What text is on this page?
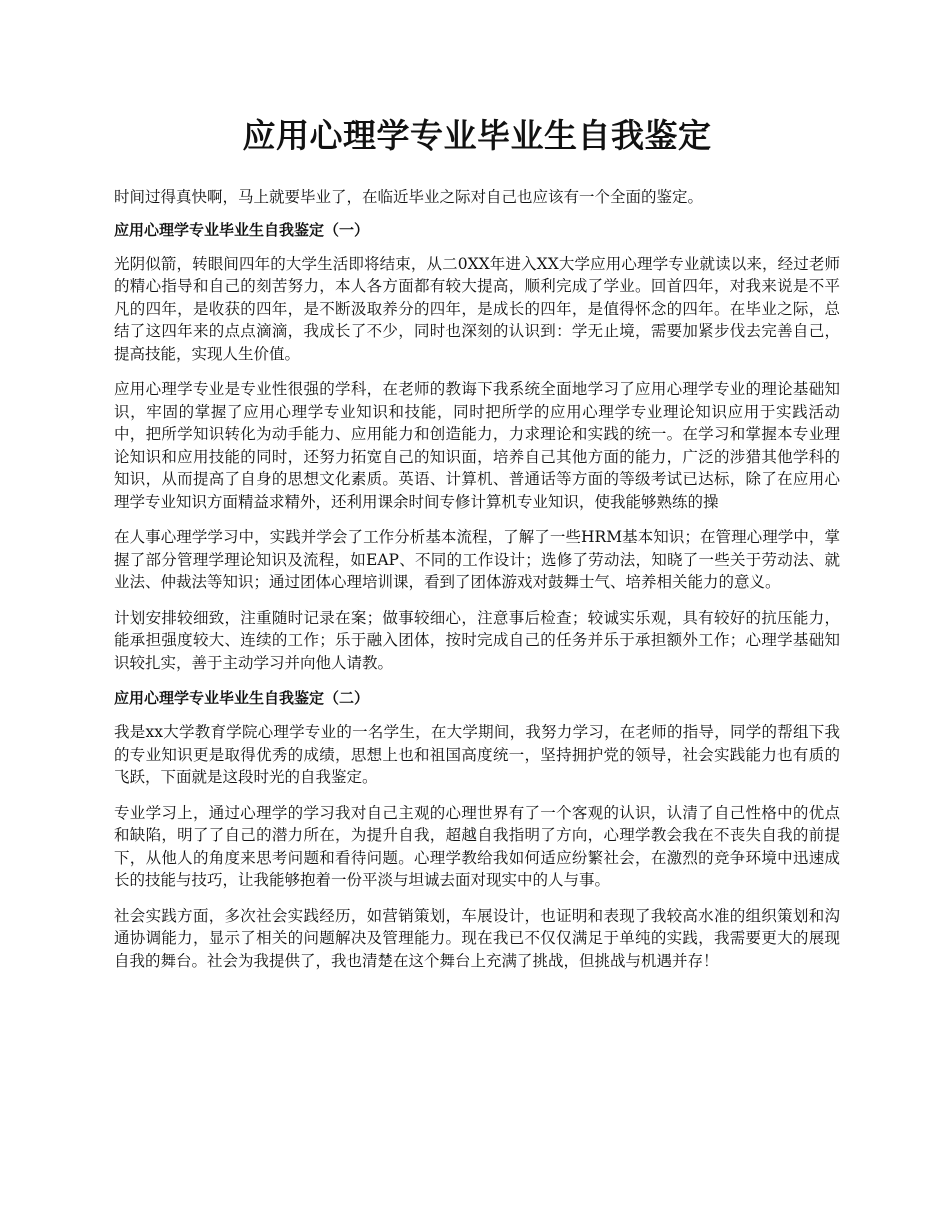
应用心理学专业毕业生自我鉴定

时间过得真快啊，马上就要毕业了，在临近毕业之际对自己也应该有一个全面的鉴定。

应用心理学专业毕业生自我鉴定（一）

光阴似箭，转眼间四年的大学生活即将结束，从二0XX年进入XX大学应用心理学专业就读以来，经过老师的精心指导和自己的刻苦努力，本人各方面都有较大提高，顺利完成了学业。回首四年，对我来说是不平凡的四年，是收获的四年，是不断汲取养分的四年，是成长的四年，是值得怀念的四年。在毕业之际，总结了这四年来的点点滴滴，我成长了不少，同时也深刻的认识到：学无止境，需要加紧步伐去完善自己，提高技能，实现人生价值。

应用心理学专业是专业性很强的学科，在老师的教诲下我系统全面地学习了应用心理学专业的理论基础知识，牢固的掌握了应用心理学专业知识和技能，同时把所学的应用心理学专业理论知识应用于实践活动中，把所学知识转化为动手能力、应用能力和创造能力，力求理论和实践的统一。在学习和掌握本专业理论知识和应用技能的同时，还努力拓宽自己的知识面，培养自己其他方面的能力，广泛的涉猎其他学科的知识，从而提高了自身的思想文化素质。英语、计算机、普通话等方面的等级考试已达标，除了在应用心理学专业知识方面精益求精外，还利用课余时间专修计算机专业知识，使我能够熟练的操

在人事心理学学习中，实践并学会了工作分析基本流程，了解了一些HRM基本知识；在管理心理学中，掌握了部分管理学理论知识及流程，如EAP、不同的工作设计；选修了劳动法，知晓了一些关于劳动法、就业法、仲裁法等知识；通过团体心理培训课，看到了团体游戏对鼓舞士气、培养相关能力的意义。

计划安排较细致，注重随时记录在案；做事较细心，注意事后检查；较诚实乐观，具有较好的抗压能力，能承担强度较大、连续的工作；乐于融入团体，按时完成自己的任务并乐于承担额外工作；心理学基础知识较扎实，善于主动学习并向他人请教。

应用心理学专业毕业生自我鉴定（二）

我是xx大学教育学院心理学专业的一名学生，在大学期间，我努力学习，在老师的指导，同学的帮组下我的专业知识更是取得优秀的成绩，思想上也和祖国高度统一，坚持拥护党的领导，社会实践能力也有质的飞跃，下面就是这段时光的自我鉴定。

专业学习上，通过心理学的学习我对自己主观的心理世界有了一个客观的认识，认清了自己性格中的优点和缺陷，明了了自己的潜力所在，为提升自我，超越自我指明了方向，心理学教会我在不丧失自我的前提下，从他人的角度来思考问题和看待问题。心理学教给我如何适应纷繁社会，在激烈的竞争环境中迅速成长的技能与技巧，让我能够抱着一份平淡与坦诚去面对现实中的人与事。

社会实践方面，多次社会实践经历，如营销策划，车展设计，也证明和表现了我较高水准的组织策划和沟通协调能力，显示了相关的问题解决及管理能力。现在我已不仅仅满足于单纯的实践，我需要更大的展现自我的舞台。社会为我提供了，我也清楚在这个舞台上充满了挑战，但挑战与机遇并存！
